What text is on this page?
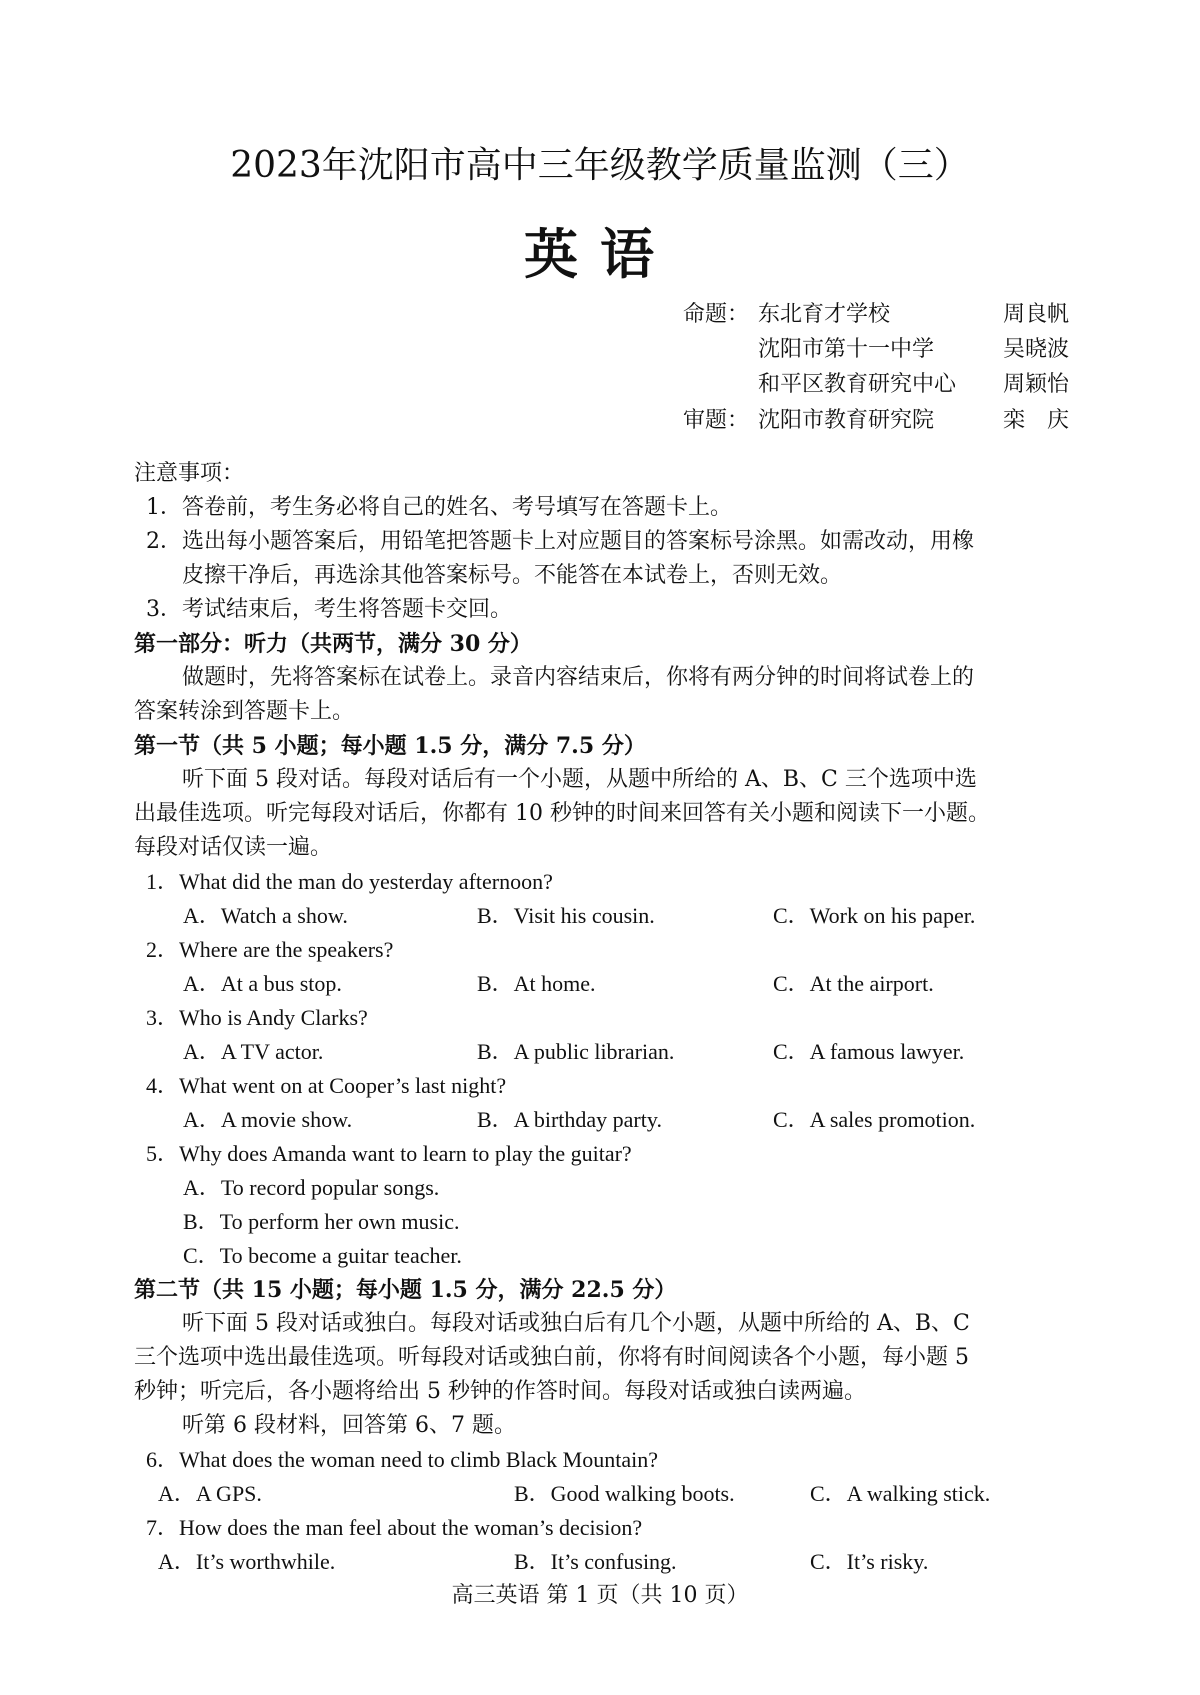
2023年沈阳市高中三年级教学质量监测（三）
英语
命题： 东北育才学校	周良帆
沈阳市第十一中学	吴晓波
和平区教育研究中心 周颖怡
审题： 沈阳市教育研究院	栾　庆
注意事项：
1．答卷前，考生务必将自己的姓名、考号填写在答题卡上。
2．选出每小题答案后，用铅笔把答题卡上对应题目的答案标号涂黑。如需改动，用橡
皮擦干净后，再选涂其他答案标号。不能答在本试卷上，否则无效。
3．考试结束后，考生将答题卡交回。
第一部分：听力（共两节，满分 30 分）
做题时，先将答案标在试卷上。录音内容结束后，你将有两分钟的时间将试卷上的
答案转涂到答题卡上。
第一节（共 5 小题；每小题 1.5 分，满分 7.5 分）
听下面 5 段对话。每段对话后有一个小题，从题中所给的 A、B、C 三个选项中选
出最佳选项。听完每段对话后，你都有 10 秒钟的时间来回答有关小题和阅读下一小题。
每段对话仅读一遍。
1．What did the man do yesterday afternoon?
A．Watch a show.	B．Visit his cousin.	C．Work on his paper.
2．Where are the speakers?
A．At a bus stop.	B．At home.	C．At the airport.
3．Who is Andy Clarks?
A．A TV actor.	B．A public librarian.	C．A famous lawyer.
4．What went on at Cooper’s last night?
A．A movie show.	B．A birthday party.	C．A sales promotion.
5．Why does Amanda want to learn to play the guitar?
A．To record popular songs.
B．To perform her own music.
C．To become a guitar teacher.
第二节（共 15 小题；每小题 1.5 分，满分 22.5 分）
听下面 5 段对话或独白。每段对话或独白后有几个小题，从题中所给的 A、B、C
三个选项中选出最佳选项。听每段对话或独白前，你将有时间阅读各个小题，每小题 5
秒钟；听完后，各小题将给出 5 秒钟的作答时间。每段对话或独白读两遍。
听第 6 段材料，回答第 6、7 题。
6．What does the woman need to climb Black Mountain?
A．A GPS.	B．Good walking boots.	C．A walking stick.
7．How does the man feel about the woman’s decision?
A．It’s worthwhile.	B．It’s confusing.	C．It’s risky.
高三英语 第 1 页（共 10 页）
